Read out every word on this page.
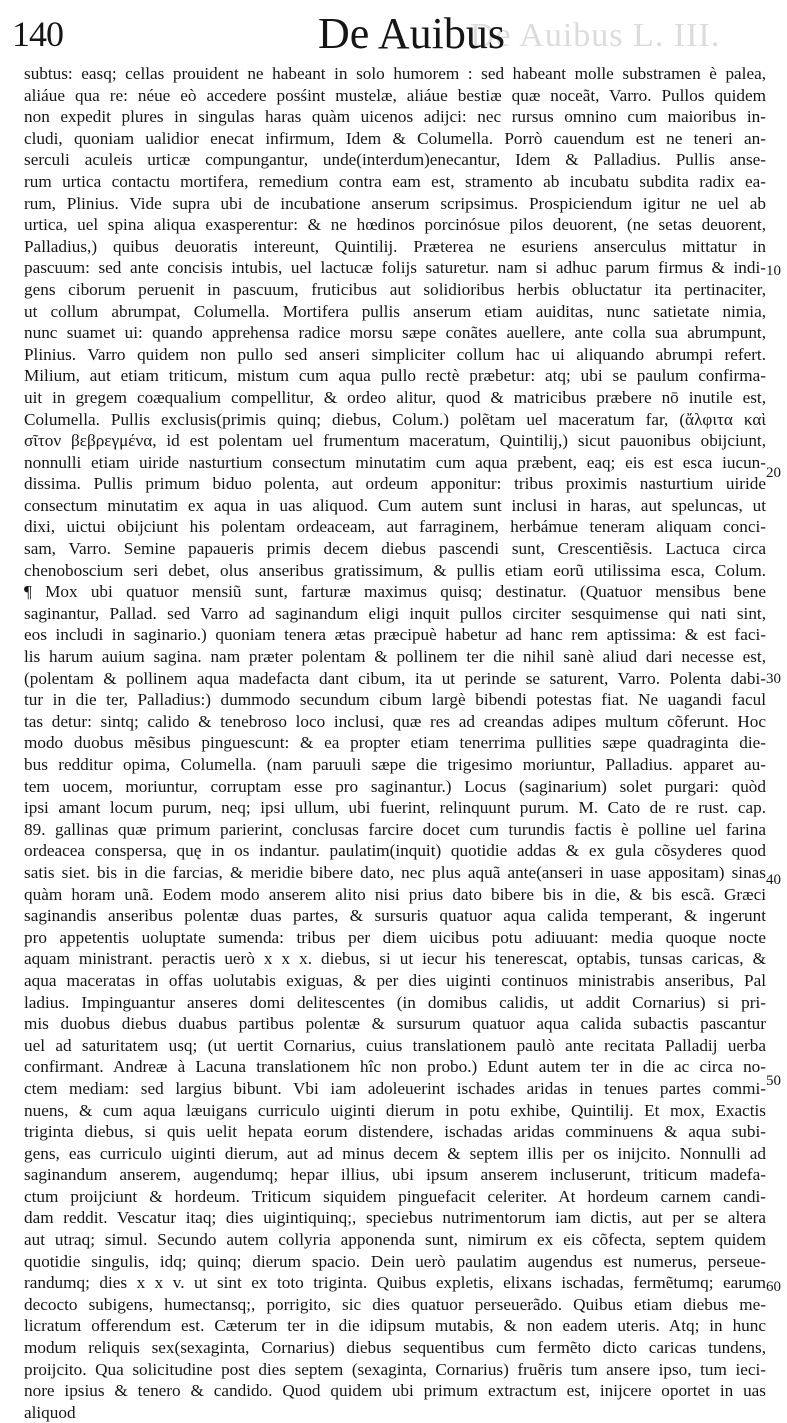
De Auibus L. III.
140	De Auibus
subtus: easq; cellas prouident ne habeant in solo humorem : sed habeant molle substramen è palea,
aliáue qua re: néue eò accedere posśint mustelæ, aliáue bestiæ quæ noceãt, Varro. Pullos quidem
non expedit plures in singulas haras quàm uicenos adijci: nec rursus omnino cum maioribus in-
cludi, quoniam ualidior enecat infirmum, Idem & Columella. Porrò cauendum est ne teneri an-
serculi aculeis urticæ compungantur, unde(interdum)enecantur, Idem & Palladius. Pullis anse-
rum urtica contactu mortifera, remedium contra eam est, stramento ab incubatu subdita radix ea-
rum, Plinius. Vide supra ubi de incubatione anserum scripsimus. Prospiciendum igitur ne uel ab
urtica, uel spina aliqua exasperentur: & ne hœdinos porcinósue pilos deuorent, (ne setas deuorent,
Palladius,) quibus deuoratis intereunt, Quintilij. Præterea ne esuriens anserculus mittatur in
pascuum: sed ante concisis intubis, uel lactucæ folijs saturetur. nam si adhuc parum firmus & indi-
gens ciborum peruenit in pascuum, fruticibus aut solidioribus herbis obluctatur ita pertinaciter,
ut collum abrumpat, Columella. Mortifera pullis anserum etiam auiditas, nunc satietate nimia,
nunc suamet ui: quando apprehensa radice morsu sæpe conãtes auellere, ante colla sua abrumpunt,
Plinius. Varro quidem non pullo sed anseri simpliciter collum hac ui aliquando abrumpi refert.
Milium, aut etiam triticum, mistum cum aqua pullo rectè præbetur: atq; ubi se paulum confirma-
uit in gregem coæqualium compellitur, & ordeo alitur, quod & matricibus præbere nō inutile est,
Columella. Pullis exclusis(primis quinq; diebus, Colum.) polẽtam uel maceratum far, (ἄλφιτα καὶ
σῖτον βεβρεγμένα, id est polentam uel frumentum maceratum, Quintilij,) sicut pauonibus obijciunt,
nonnulli etiam uiride nasturtium consectum minutatim cum aqua præbent, eaq; eis est esca iucun-
dissima. Pullis primum biduo polenta, aut ordeum apponitur: tribus proximis nasturtium uiride
consectum minutatim ex aqua in uas aliquod. Cum autem sunt inclusi in haras, aut speluncas, ut
dixi, uictui obijciunt his polentam ordeaceam, aut farraginem, herbámue teneram aliquam conci-
sam, Varro. Semine papaueris primis decem diebus pascendi sunt, Crescentiẽsis. Lactuca circa
chenoboscium seri debet, olus anseribus gratissimum, & pullis etiam eorũ utilissima esca, Colum.
¶ Mox ubi quatuor mensiũ sunt, farturæ maximus quisq; destinatur. (Quatuor mensibus bene
saginantur, Pallad. sed Varro ad saginandum eligi inquit pullos circiter sesquimense qui nati sint,
eos includi in saginario.) quoniam tenera ætas præcipuè habetur ad hanc rem aptissima: & est faci-
lis harum auium sagina. nam præter polentam & pollinem ter die nihil sanè aliud dari necesse est,
(polentam & pollinem aqua madefacta dant cibum, ita ut perinde se saturent, Varro. Polenta dabi-
tur in die ter, Palladius:) dummodo secundum cibum largè bibendi potestas fiat. Ne uagandi facul
tas detur: sintq; calido & tenebroso loco inclusi, quæ res ad creandas adipes multum cõferunt. Hoc
modo duobus mẽsibus pinguescunt: & ea propter etiam tenerrima pullities sæpe quadraginta die-
bus redditur opima, Columella. (nam paruuli sæpe die trigesimo moriuntur, Palladius. apparet au-
tem uocem, moriuntur, corruptam esse pro saginantur.) Locus (saginarium) solet purgari: quòd
ipsi amant locum purum, neq; ipsi ullum, ubi fuerint, relinquunt purum. M. Cato de re rust. cap.
89. gallinas quæ primum parierint, conclusas farcire docet cum turundis factis è polline uel farina
ordeacea conspersa, quę in os indantur. paulatim(inquit) quotidie addas & ex gula cõsyderes quod
satis siet. bis in die farcias, & meridie bibere dato, nec plus aquã ante(anseri in uase appositam) sinas
quàm horam unã. Eodem modo anserem alito nisi prius dato bibere bis in die, & bis escã. Græci
saginandis anseribus polentæ duas partes, & sursuris quatuor aqua calida temperant, & ingerunt
pro appetentis uoluptate sumenda: tribus per diem uicibus potu adiuuant: media quoque nocte
aquam ministrant. peractis uerò x x x. diebus, si ut iecur his tenerescat, optabis, tunsas caricas, &
aqua maceratas in offas uolutabis exiguas, & per dies uiginti continuos ministrabis anseribus, Pal
ladius. Impinguantur anseres domi delitescentes (in domibus calidis, ut addit Cornarius) si pri-
mis duobus diebus duabus partibus polentæ & sursurum quatuor aqua calida subactis pascantur
uel ad saturitatem usq; (ut uertit Cornarius, cuius translationem paulò ante recitata Palladij uerba
confirmant. Andreæ à Lacuna translationem hîc non probo.) Edunt autem ter in die ac circa no-
ctem mediam: sed largius bibunt. Vbi iam adoleuerint ischades aridas in tenues partes commi-
nuens, & cum aqua læuigans curriculo uiginti dierum in potu exhibe, Quintilij. Et mox, Exactis
triginta diebus, si quis uelit hepata eorum distendere, ischadas aridas comminuens & aqua subi-
gens, eas curriculo uiginti dierum, aut ad minus decem & septem illis per os inijcito. Nonnulli ad
saginandum anserem, augendumq; hepar illius, ubi ipsum anserem incluserunt, triticum madefa-
ctum proijciunt & hordeum. Triticum siquidem pinguefacit celeriter. At hordeum carnem candi-
dam reddit. Vescatur itaq; dies uigintiquinq;, speciebus nutrimentorum iam dictis, aut per se altera
aut utraq; simul. Secundo autem collyria apponenda sunt, nimirum ex eis cõfecta, septem quidem
quotidie singulis, idq; quinq; dierum spacio. Dein uerò paulatim augendus est numerus, perseue-
randumq; dies x x v. ut sint ex toto triginta. Quibus expletis, elixans ischadas, fermẽtumq; earum
decocto subigens, humectansq;, porrigito, sic dies quatuor perseuerãdo. Quibus etiam diebus me-
licratum offerendum est. Cæterum ter in die idipsum mutabis, & non eadem uteris. Atq; in hunc
modum reliquis sex(sexaginta, Cornarius) diebus sequentibus cum fermẽto dicto caricas tundens,
proijcito. Qua solicitudine post dies septem (sexaginta, Cornarius) fruẽris tum ansere ipso, tum ieci-
nore ipsius & tenero & candido. Quod quidem ubi primum extractum est, inijcere oportet in uas
aliquod
10
20
30
40
50
60
